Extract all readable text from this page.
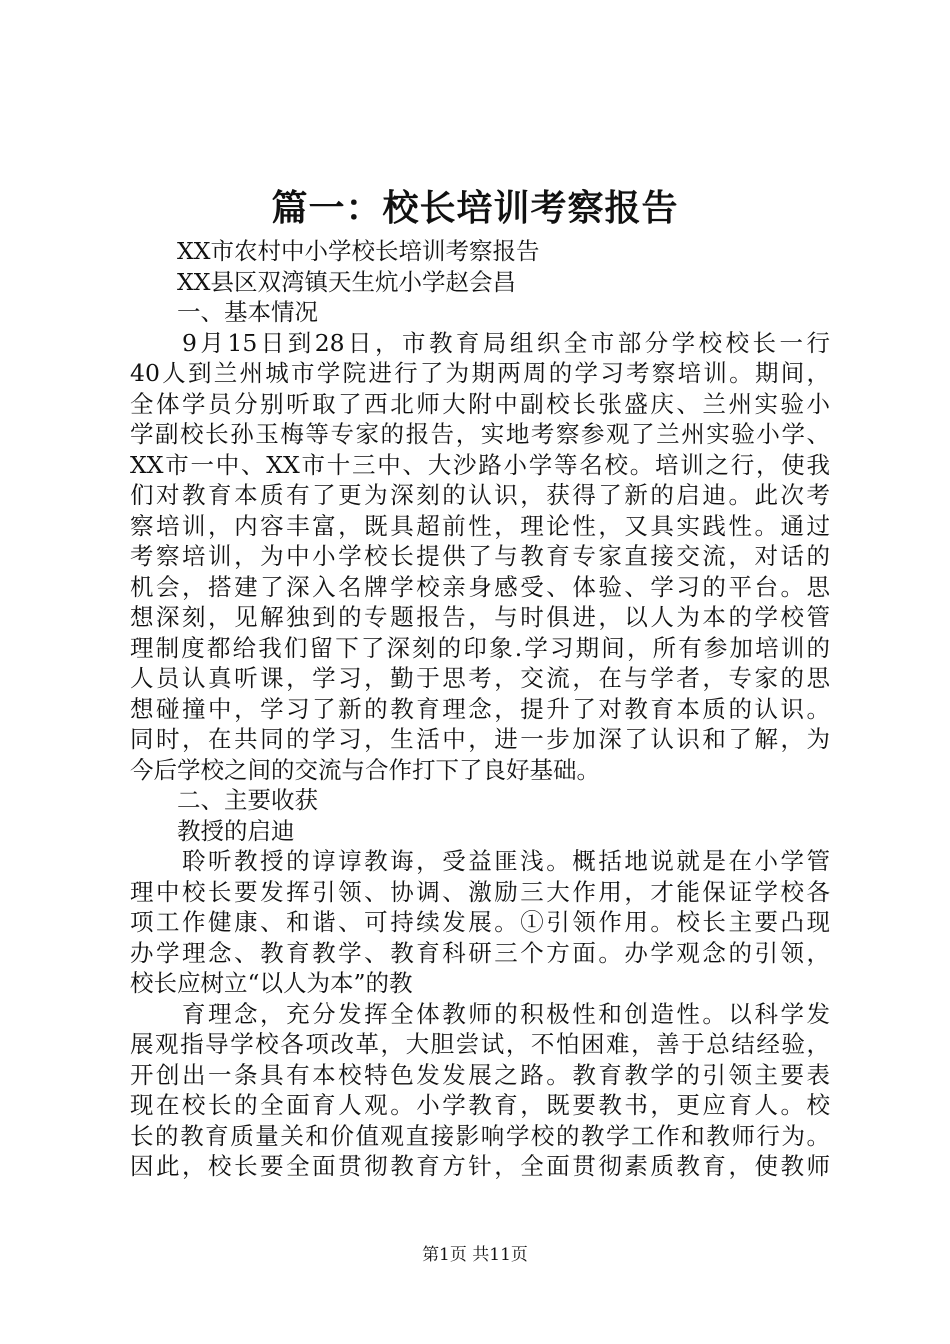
篇一：校长培训考察报告
XX市农村中小学校长培训考察报告
XX县区双湾镇天生炕小学赵会昌
一、基本情况
9月15日到28日，市教育局组织全市部分学校校长一行
40人到兰州城市学院进行了为期两周的学习考察培训。期间，
全体学员分别听取了西北师大附中副校长张盛庆、兰州实验小
学副校长孙玉梅等专家的报告，实地考察参观了兰州实验小学、
XX市一中、XX市十三中、大沙路小学等名校。培训之行，使我
们对教育本质有了更为深刻的认识，获得了新的启迪。此次考
察培训，内容丰富，既具超前性，理论性，又具实践性。通过
考察培训，为中小学校长提供了与教育专家直接交流，对话的
机会，搭建了深入名牌学校亲身感受、体验、学习的平台。思
想深刻，见解独到的专题报告，与时俱进，以人为本的学校管
理制度都给我们留下了深刻的印象.学习期间，所有参加培训的
人员认真听课，学习，勤于思考，交流，在与学者，专家的思
想碰撞中，学习了新的教育理念，提升了对教育本质的认识。
同时，在共同的学习，生活中，进一步加深了认识和了解，为
今后学校之间的交流与合作打下了良好基础。
二、主要收获
教授的启迪
聆听教授的谆谆教诲，受益匪浅。概括地说就是在小学管
理中校长要发挥引领、协调、激励三大作用，才能保证学校各
项工作健康、和谐、可持续发展。①引领作用。校长主要凸现
办学理念、教育教学、教育科研三个方面。办学观念的引领，
校长应树立“以人为本”的教
育理念，充分发挥全体教师的积极性和创造性。以科学发
展观指导学校各项改革，大胆尝试，不怕困难，善于总结经验，
开创出一条具有本校特色发发展之路。教育教学的引领主要表
现在校长的全面育人观。小学教育，既要教书，更应育人。校
长的教育质量关和价值观直接影响学校的教学工作和教师行为。
因此，校长要全面贯彻教育方针，全面贯彻素质教育，使教师
第1页 共11页
